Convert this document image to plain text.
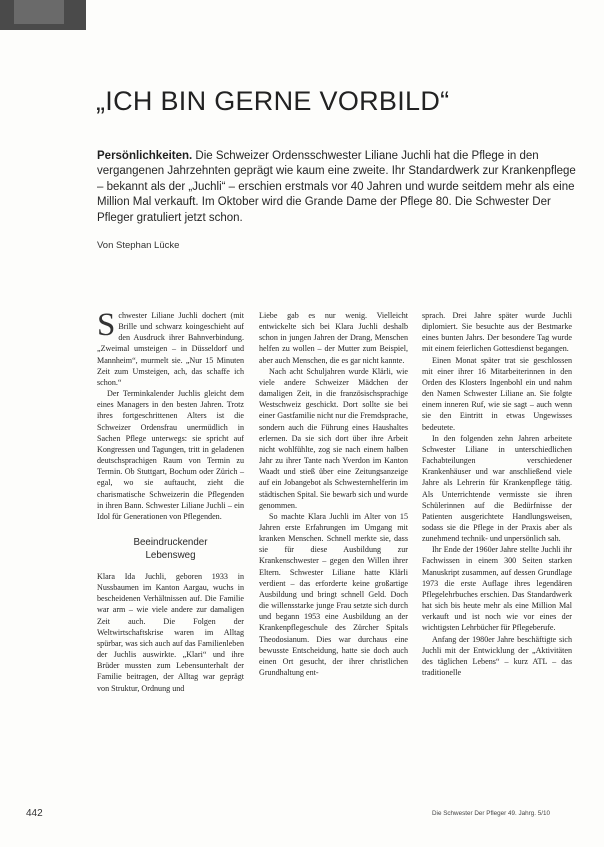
„ICH BIN GERNE VORBILD“
Persönlichkeiten. Die Schweizer Ordensschwester Liliane Juchli hat die Pflege in den vergangenen Jahrzehnten geprägt wie kaum eine zweite. Ihr Standardwerk zur Krankenpflege – bekannt als der „Juchli“ – erschien erstmals vor 40 Jahren und wurde seitdem mehr als eine Million Mal verkauft. Im Oktober wird die Grande Dame der Pflege 80. Die Schwester Der Pfleger gratuliert jetzt schon.
Von Stephan Lücke

Schwester Liliane Juchli dochert (mit Brille und schwarz koingeschieht auf den Ausdruck ihrer Bahnverbindung. „Zweimal umsteigen – in Düsseldorf und Mannheim“, murmelt sie. „Nur 15 Minuten Zeit zum Umsteigen, ach, das schaffe ich schon.“

Der Terminkalender Juchlis gleicht dem eines Managers in den besten Jahren. Trotz ihres fortgeschrittenen Alters ist die Schweizer Ordensfrau unermüdlich in Sachen Pflege unterwegs: sie spricht auf Kongressen und Tagungen, tritt in geladenen deutschsprachigen Raum von Termin zu Termin. Ob Stuttgart, Bochum oder Zürich – egal, wo sie auftaucht, zieht die charismatische Schweizerin die Pflegenden in ihren Bann. Schwester Liliane Juchli – ein Idol für Generationen von Pflegenden.

Beeindruckender
Lebensweg

Klara Ida Juchli, geboren 1933 in Nussbaumen im Kanton Aargau, wuchs in bescheidenen Verhältnissen auf. Die Familie war arm – wie viele andere zur damaligen Zeit auch. Die Folgen der Weltwirtschaftskrise waren im Alltag spürbar, was sich auch auf das Familienleben der Juchlis auswirkte. „Klari“ und ihre Brüder mussten zum Lebensunterhalt der Familie beitragen, der Alltag war geprägt von Struktur, Ordnung und

Liebe gab es nur wenig. Vielleicht entwickelte sich bei Klara Juchli deshalb schon in jungen Jahren der Drang, Menschen helfen zu wollen – der Mutter zum Beispiel, aber auch Menschen, die es gar nicht kannte.

Nach acht Schuljahren wurde Klärli, wie viele andere Schweizer Mädchen der damaligen Zeit, in die französischsprachige Westschweiz geschickt. Dort sollte sie bei einer Gastfamilie nicht nur die Fremdsprache, sondern auch die Führung eines Haushaltes erlernen. Da sie sich dort über ihre Arbeit nicht wohlfühlte, zog sie nach einem halben Jahr zu ihrer Tante nach Yverdon im Kanton Waadt und stieß über eine Zeitungsanzeige auf ein Jobangebot als Schwesternhelferin im städtischen Spital. Sie bewarb sich und wurde genommen.

So machte Klara Juchli im Alter von 15 Jahren erste Erfahrungen im Umgang mit kranken Menschen. Schnell merkte sie, dass sie für diese Ausbildung zur Krankenschwester – gegen den Willen ihrer Eltern. Schwester Liliane hatte Klärli verdient – das erforderte keine großartige Ausbildung und bringt schnell Geld. Doch die willensstarke junge Frau setzte sich durch und begann 1953 eine Ausbildung an der Krankenpflegeschule des Zürcher Spitals Theodosianum. Dies war durchaus eine bewusste Entscheidung, hatte sie doch auch einen Ort gesucht, der ihrer christlichen Grundhaltung ent-

sprach. Drei Jahre später wurde Juchli diplomiert. Sie besuchte aus der Bestmarke eines bunten Jahrs. Der besondere Tag wurde mit einem feierlichen Gottesdienst begangen.

Einen Monat später trat sie geschlossen mit einer ihrer 16 Mitarbeiterinnen in den Orden des Klosters Ingenbohl ein und nahm den Namen Schwester Liliane an. Sie folgte einem inneren Ruf, wie sie sagt – auch wenn sie den Eintritt in etwas Ungewisses bedeutete.

In den folgenden zehn Jahren arbeitete Schwester Liliane in unterschiedlichen Fachabteilungen verschiedener Krankenhäuser und war anschließend viele Jahre als Lehrerin für Krankenpflege tätig. Als Unterrichtende vermisste sie ihren Schülerinnen auf die Bedürfnisse der Patienten ausgerichtete Handlungsweisen, sodass sie die Pflege in der Praxis aber als zunehmend technik- und unpersönlich sah.

Ihr Ende der 1960er Jahre stellte Juchli ihr Fachwissen in einem 300 Seiten starken Manuskript zusammen, auf dessen Grundlage 1973 die erste Auflage ihres legendären Pflegelehrbuches erschien. Das Standardwerk hat sich bis heute mehr als eine Million Mal verkauft und ist noch wie vor eines der wichtigsten Lehrbücher für Pflegeberufe.

Anfang der 1980er Jahre beschäftigte sich Juchli mit der Entwicklung der „Aktivitäten des täglichen Lebens“ – kurz ATL – das traditionelle

442	Die Schwester Der Pfleger 49. Jahrg. 5/10
